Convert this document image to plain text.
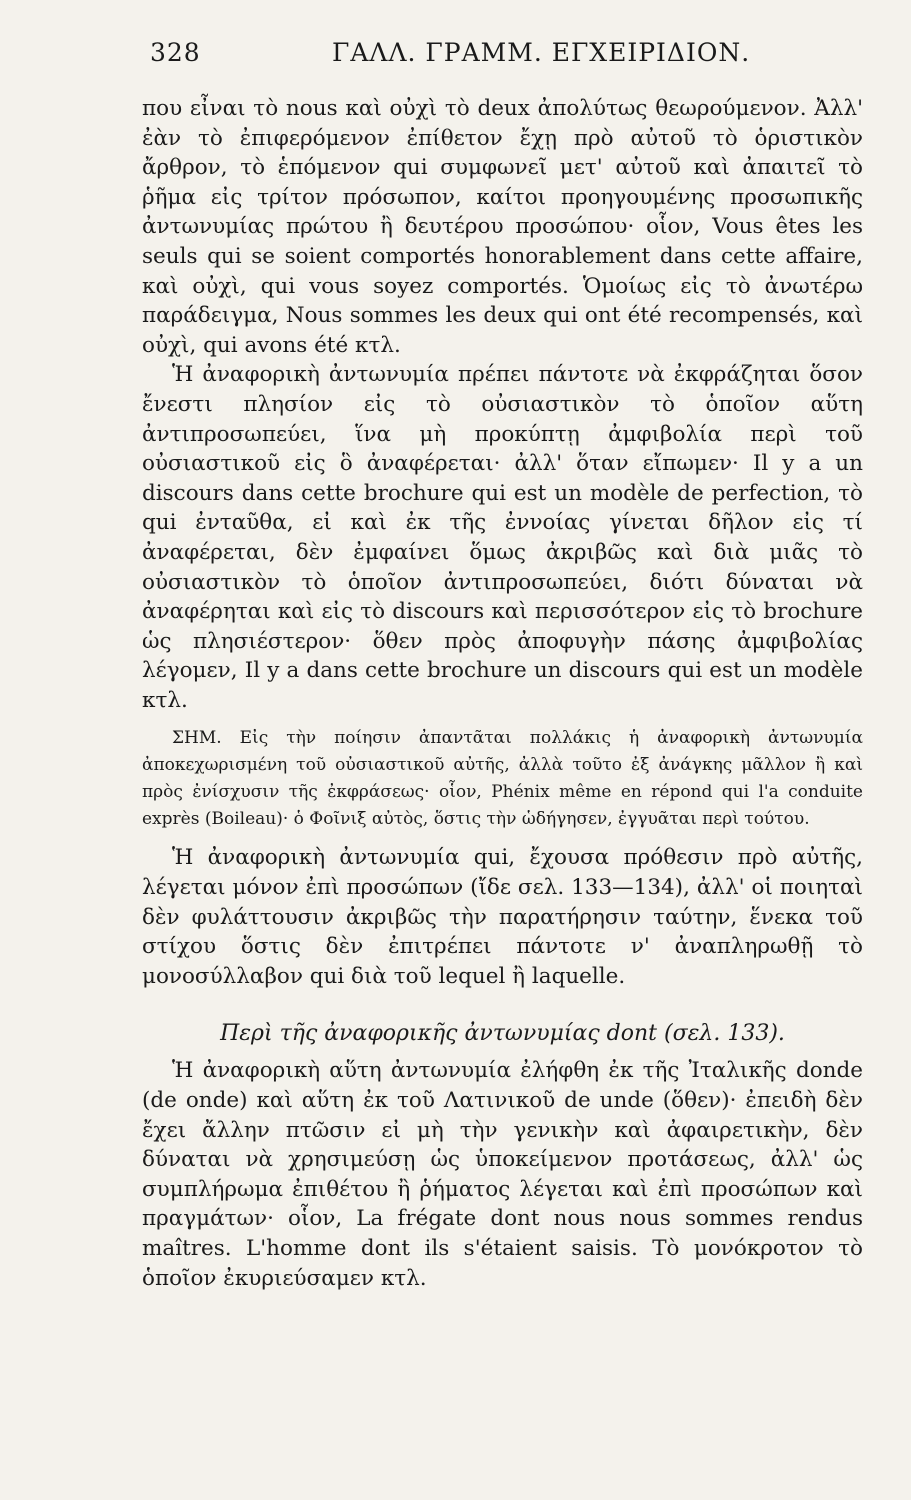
328	ΓΑΛΛ. ΓΡΑΜΜ. ΕΓΧΕΙΡΙΔΙΟΝ.

που εἶναι τὸ nous καὶ οὐχὶ τὸ deux ἀπολύτως θεωρούμενον. Ἀλλ' ἐὰν τὸ ἐπιφερόμενον ἐπίθετον ἔχῃ πρὸ αὐτοῦ τὸ ὁριστικὸν ἄρθρον, τὸ ἑπόμενον qui συμφωνεῖ μετ' αὐτοῦ καὶ ἀπαιτεῖ τὸ ῥῆμα εἰς τρίτον πρόσωπον, καίτοι προηγουμένης προσωπικῆς ἀντωνυμίας πρώτου ἢ δευτέρου προσώπου· οἷον, Vous êtes les seuls qui se soient comportés honorablement dans cette affaire, καὶ οὐχὶ, qui vous soyez comportés. Ὁμοίως εἰς τὸ ἀνωτέρω παράδειγμα, Nous sommes les deux qui ont été recompensés, καὶ οὐχὶ, qui avons été κτλ.

Ἡ ἀναφορικὴ ἀντωνυμία πρέπει πάντοτε νὰ ἐκφράζηται ὅσον ἔνεστι πλησίον εἰς τὸ οὐσιαστικὸν τὸ ὁποῖον αὕτη ἀντιπροσωπεύει, ἵνα μὴ προκύπτῃ ἀμφιβολία περὶ τοῦ οὐσιαστικοῦ εἰς ὃ ἀναφέρεται· ἀλλ' ὅταν εἴπωμεν· Il y a un discours dans cette brochure qui est un modèle de perfection, τὸ qui ἐνταῦθα, εἰ καὶ ἐκ τῆς ἐννοίας γίνεται δῆλον εἰς τί ἀναφέρεται, δὲν ἐμφαίνει ὅμως ἀκριβῶς καὶ διὰ μιᾶς τὸ οὐσιαστικὸν τὸ ὁποῖον ἀντιπροσωπεύει, διότι δύναται νὰ ἀναφέρηται καὶ εἰς τὸ discours καὶ περισσότερον εἰς τὸ brochure ὡς πλησιέστερον· ὅθεν πρὸς ἀποφυγὴν πάσης ἀμφιβολίας λέγομεν, Il y a dans cette brochure un discours qui est un modèle κτλ.

ΣΗΜ. Εἰς τὴν ποίησιν ἀπαντᾶται πολλάκις ἡ ἀναφορικὴ ἀντωνυμία ἀποκεχωρισμένη τοῦ οὐσιαστικοῦ αὐτῆς, ἀλλὰ τοῦτο ἐξ ἀνάγκης μᾶλλον ἢ καὶ πρὸς ἐνίσχυσιν τῆς ἐκφράσεως· οἷον, Phénix même en répond qui l'a conduite exprès (Boileau)· ὁ Φοῖνιξ αὐτὸς, ὅστις τὴν ὡδήγησεν, ἐγγυᾶται περὶ τούτου.

Ἡ ἀναφορικὴ ἀντωνυμία qui, ἔχουσα πρόθεσιν πρὸ αὐτῆς, λέγεται μόνον ἐπὶ προσώπων (ἴδε σελ. 133—134), ἀλλ' οἱ ποιηταὶ δὲν φυλάττουσιν ἀκριβῶς τὴν παρατήρησιν ταύτην, ἕνεκα τοῦ στίχου ὅστις δὲν ἐπιτρέπει πάντοτε ν' ἀναπληρωθῇ τὸ μονοσύλλαβον qui διὰ τοῦ lequel ἢ laquelle.

Περὶ τῆς ἀναφορικῆς ἀντωνυμίας dont (σελ. 133).

Ἡ ἀναφορικὴ αὕτη ἀντωνυμία ἐλήφθη ἐκ τῆς Ἰταλικῆς donde (de onde) καὶ αὕτη ἐκ τοῦ Λατινικοῦ de unde (ὅθεν)· ἐπειδὴ δὲν ἔχει ἄλλην πτῶσιν εἰ μὴ τὴν γενικὴν καὶ ἀφαιρετικὴν, δὲν δύναται νὰ χρησιμεύσῃ ὡς ὑποκείμενον προτάσεως, ἀλλ' ὡς συμπλήρωμα ἐπιθέτου ἢ ῥήματος λέγεται καὶ ἐπὶ προσώπων καὶ πραγμάτων· οἷον, La frégate dont nous nous sommes rendus maîtres. L'homme dont ils s'étaient saisis. Τὸ μονόκροτον τὸ ὁποῖον ἐκυριεύσαμεν κτλ.
